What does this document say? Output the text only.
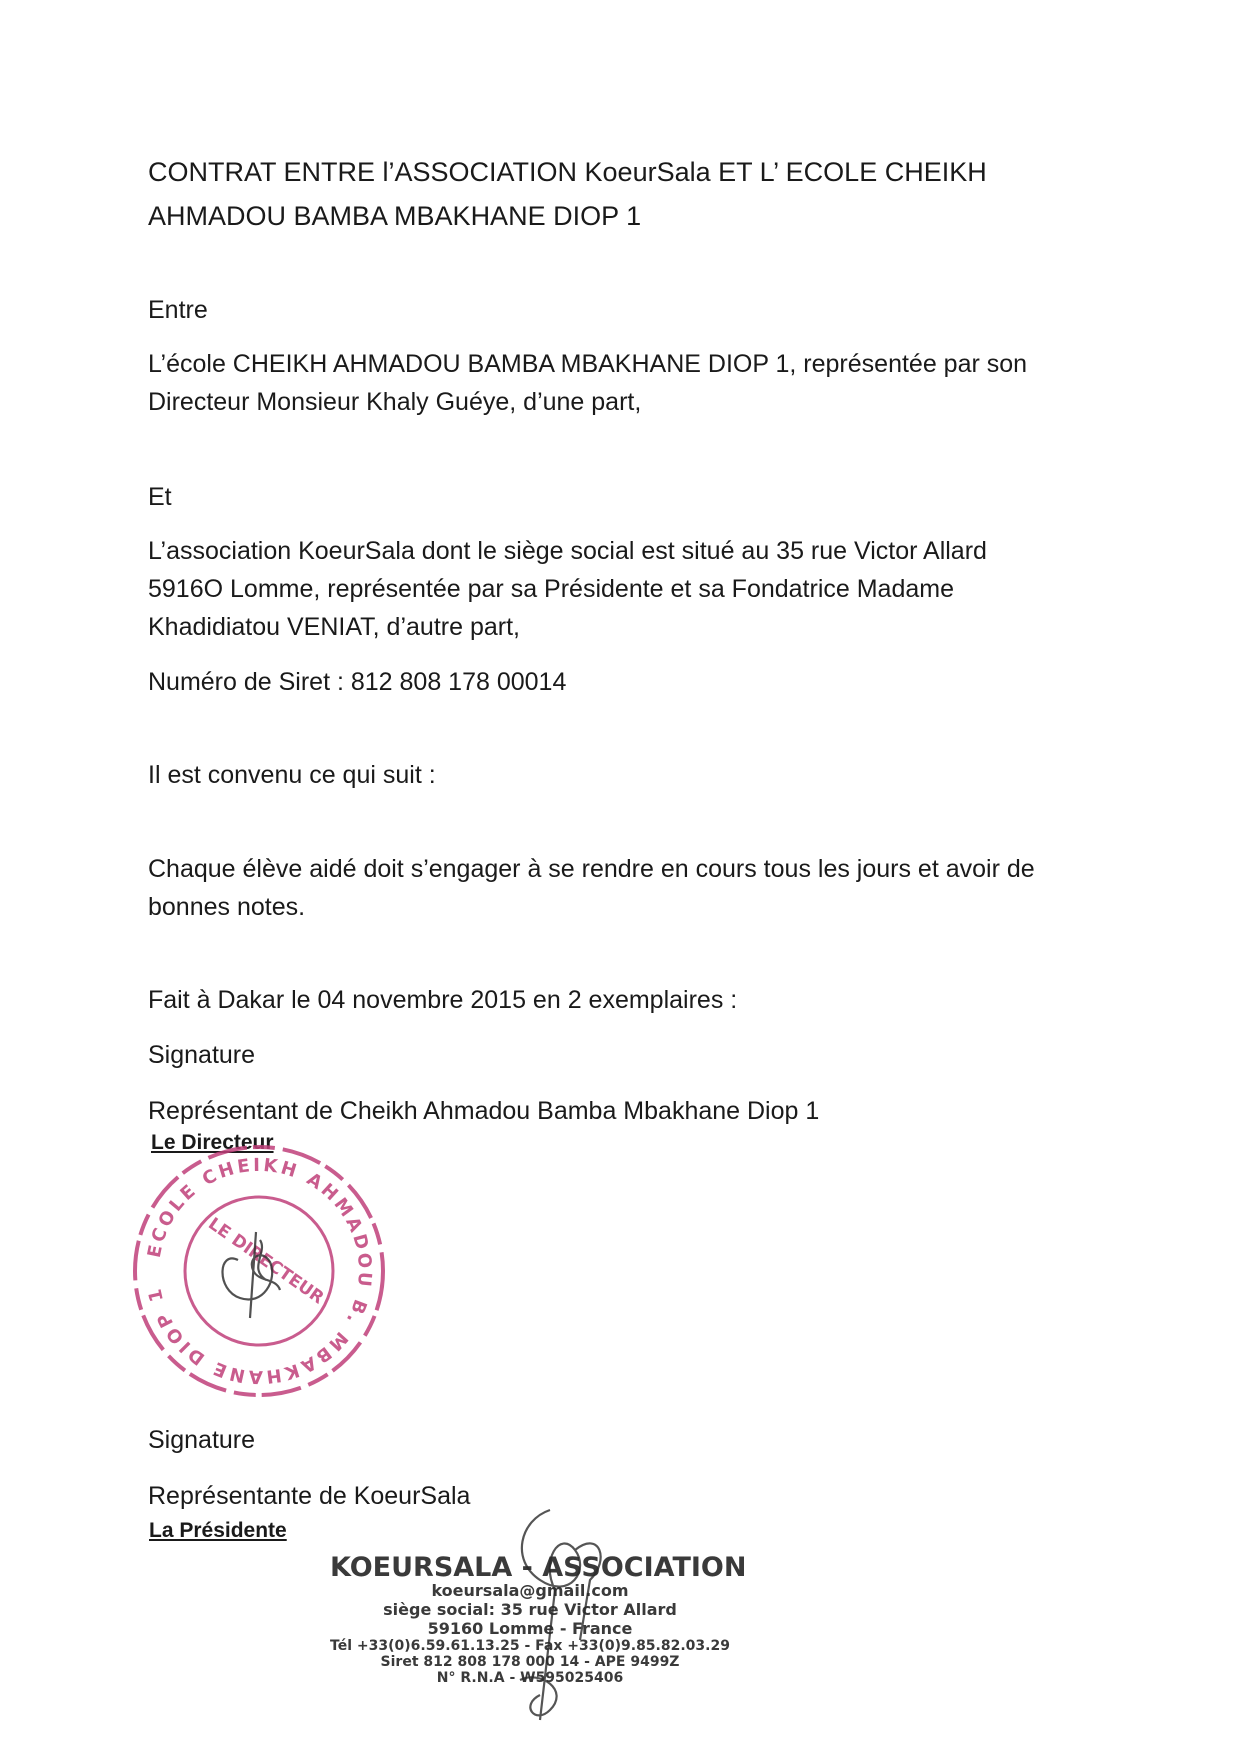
CONTRAT ENTRE l’ASSOCIATION KoeurSala ET L’ ECOLE CHEIKH
AHMADOU BAMBA MBAKHANE DIOP 1
Entre
L’école CHEIKH AHMADOU BAMBA MBAKHANE DIOP 1, représentée par son
Directeur Monsieur Khaly Guéye, d’une part,
Et
L’association KoeurSala dont le siège social est situé au 35 rue Victor Allard
5916O Lomme, représentée par sa Présidente et sa Fondatrice Madame
Khadidiatou VENIAT, d’autre part,
Numéro de Siret : 812 808 178 00014
Il est convenu ce qui suit :
Chaque élève aidé doit s’engager à se rendre en cours tous les jours et avoir de
bonnes notes.
Fait à Dakar le 04 novembre 2015 en 2 exemplaires :
Signature
Représentant de Cheikh Ahmadou Bamba Mbakhane Diop 1
Le Directeur
ECOLE CHEIKH AHMADOU B. MBAKHANE DIOP 1	LE DIRECTEUR
Signature
Représentante de KoeurSala
La Présidente
KOEURSALA - ASSOCIATION
koeursala@gmail.com
siège social: 35 rue Victor Allard
59160 Lomme - France
Tél +33(0)6.59.61.13.25 - Fax +33(0)9.85.82.03.29
Siret 812 808 178 000 14 - APE 9499Z
N° R.N.A - W595025406
